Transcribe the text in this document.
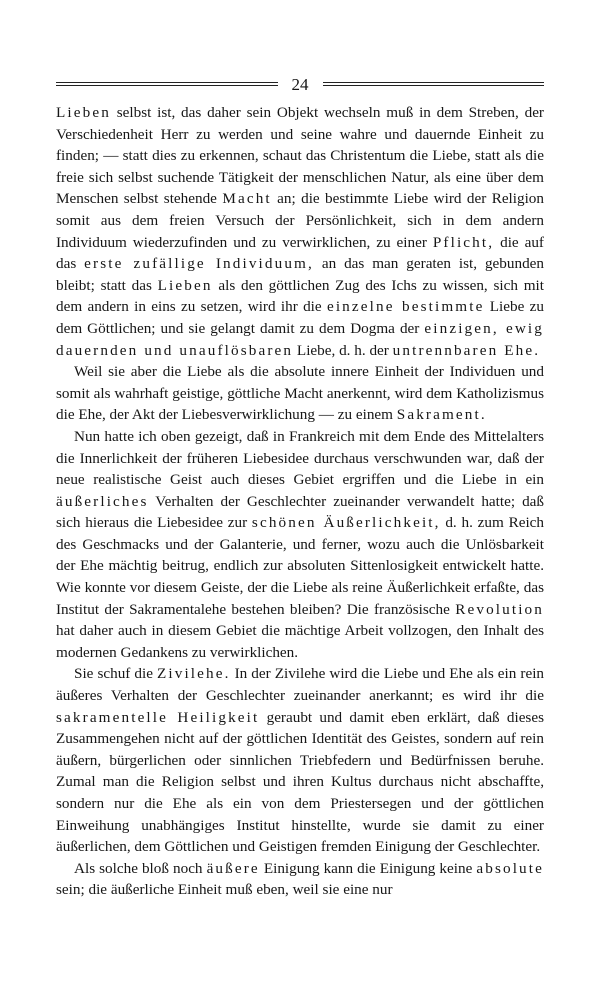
24

Lieben selbst ist, das daher sein Objekt wechseln muß in dem Streben, der Verschiedenheit Herr zu werden und seine wahre und dauernde Einheit zu finden; — statt dies zu erkennen, schaut das Christentum die Liebe, statt als die freie sich selbst suchende Tätigkeit der menschlichen Natur, als eine über dem Menschen selbst stehende Macht an; die bestimmte Liebe wird der Religion somit aus dem freien Versuch der Persönlichkeit, sich in dem andern Individuum wiederzufinden und zu verwirklichen, zu einer Pflicht, die auf das erste zufällige Individuum, an das man geraten ist, gebunden bleibt; statt das Lieben als den göttlichen Zug des Ichs zu wissen, sich mit dem andern in eins zu setzen, wird ihr die einzelne bestimmte Liebe zu dem Göttlichen; und sie gelangt damit zu dem Dogma der einzigen, ewig dauernden und unauflösbaren Liebe, d. h. der untrennbaren Ehe.

Weil sie aber die Liebe als die absolute innere Einheit der Individuen und somit als wahrhaft geistige, göttliche Macht anerkennt, wird dem Katholizismus die Ehe, der Akt der Liebesverwirklichung — zu einem Sakrament.

Nun hatte ich oben gezeigt, daß in Frankreich mit dem Ende des Mittelalters die Innerlichkeit der früheren Liebesidee durchaus verschwunden war, daß der neue realistische Geist auch dieses Gebiet ergriffen und die Liebe in ein äußerliches Verhalten der Geschlechter zueinander verwandelt hatte; daß sich hieraus die Liebesidee zur schönen Äußerlichkeit, d. h. zum Reich des Geschmacks und der Galanterie, und ferner, wozu auch die Unlösbarkeit der Ehe mächtig beitrug, endlich zur absoluten Sittenlosigkeit entwickelt hatte. Wie konnte vor diesem Geiste, der die Liebe als reine Äußerlichkeit erfaßte, das Institut der Sakramentalehe bestehen bleiben? Die französische Revolution hat daher auch in diesem Gebiet die mächtige Arbeit vollzogen, den Inhalt des modernen Gedankens zu verwirklichen.

Sie schuf die Zivilehe. In der Zivilehe wird die Liebe und Ehe als ein rein äußeres Verhalten der Geschlechter zueinander anerkannt; es wird ihr die sakramentelle Heiligkeit geraubt und damit eben erklärt, daß dieses Zusammengehen nicht auf der göttlichen Identität des Geistes, sondern auf rein äußern, bürgerlichen oder sinnlichen Triebfedern und Bedürfnissen beruhe. Zumal man die Religion selbst und ihren Kultus durchaus nicht abschaffte, sondern nur die Ehe als ein von dem Priestersegen und der göttlichen Einweihung unabhängiges Institut hinstellte, wurde sie damit zu einer äußerlichen, dem Göttlichen und Geistigen fremden Einigung der Geschlechter.

Als solche bloß noch äußere Einigung kann die Einigung keine absolute sein; die äußerliche Einheit muß eben, weil sie eine nur
